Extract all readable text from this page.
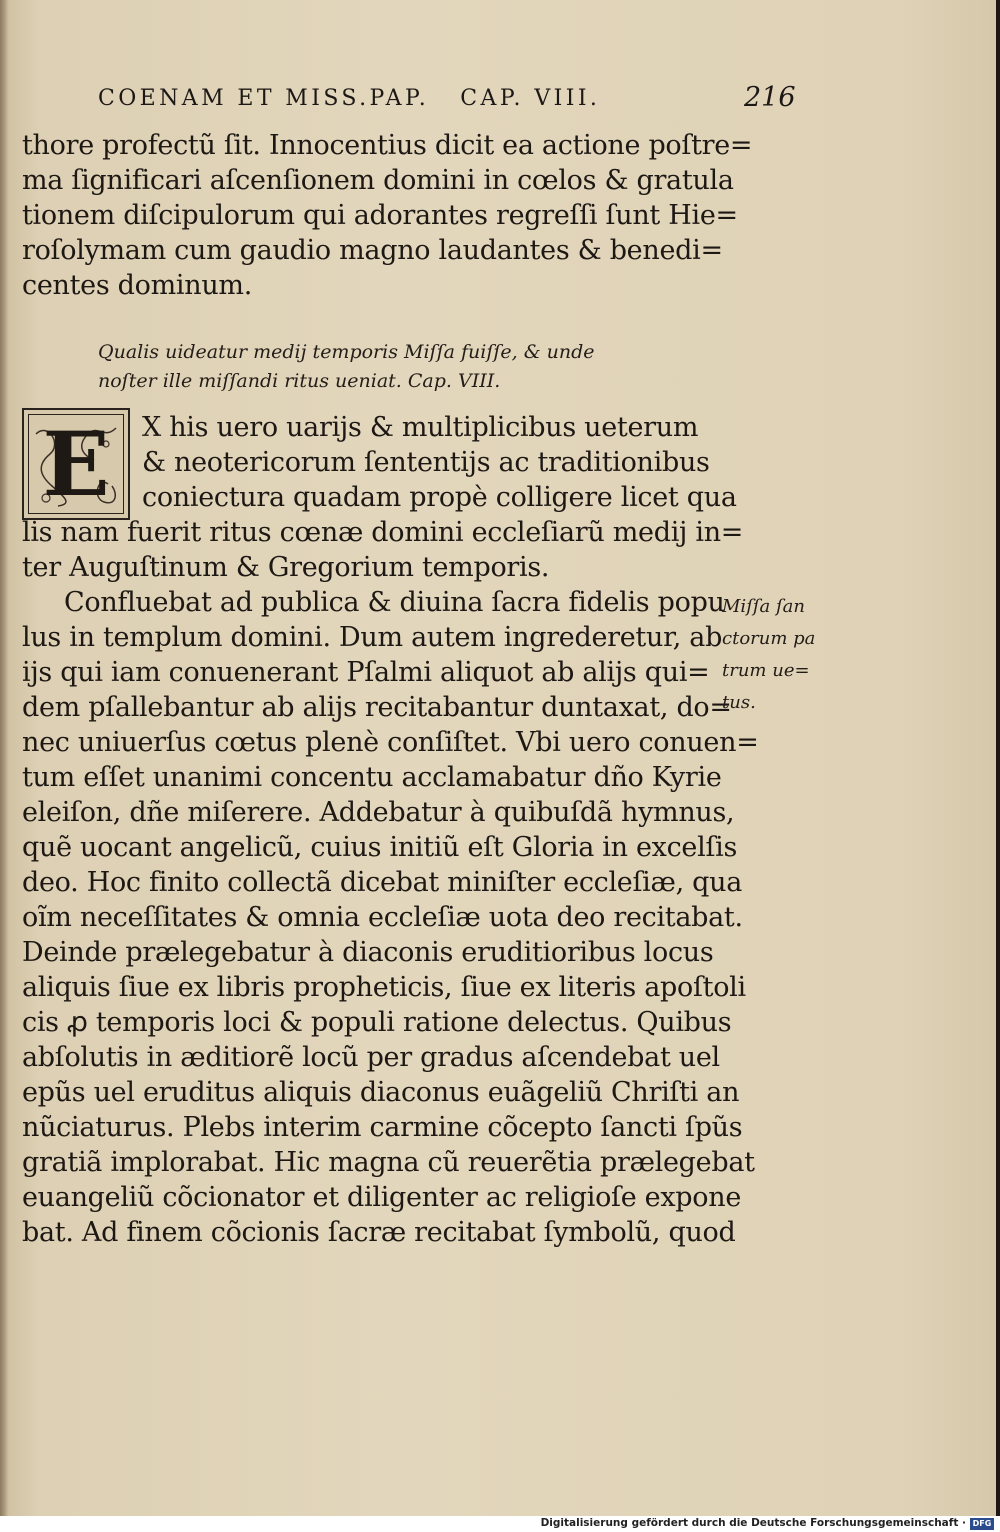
COENAM ET MISS.PAP. CAP. VIII.	216
thore profectũ ſit. Innocentius dicit ea actione poſtre=
ma ſignificari aſcenſionem domini in cœlos & gratula
tionem diſcipulorum qui adorantes regreſſi ſunt Hie=
roſolymam cum gaudio magno laudantes & benedi=
centes dominum.
Qualis uideatur medij temporis Miſſa fuiſſe, & unde
noſter ille miſſandi ritus ueniat. Cap. VIII.
E	X his uero uarijs & multiplicibus ueterum
& neotericorum ſententijs ac traditionibus
coniectura quadam propè colligere licet qua
lis nam fuerit ritus cœnæ domini eccleſiarũ medij in=
ter Auguſtinum & Gregorium temporis.
Confluebat ad publica & diuina ſacra fidelis popu
lus in templum domini. Dum autem ingrederetur, ab
ijs qui iam conuenerant Pſalmi aliquot ab alijs qui=
dem pſallebantur ab alijs recitabantur duntaxat, do=
nec uniuerſus cœtus plenè conſiſtet. Vbi uero conuen=
tum eſſet unanimi concentu acclamabatur dño Kyrie
eleiſon, dñe miſerere. Addebatur à quibuſdã hymnus,
quẽ uocant angelicũ, cuius initiũ eſt Gloria in excelſis
deo. Hoc finito collectã dicebat miniſter eccleſiæ, qua
oĩm neceſſitates & omnia eccleſiæ uota deo recitabat.
Deinde prælegebatur à diaconis eruditioribus locus
aliquis ſiue ex libris propheticis, ſiue ex literis apoſtoli
cis ꝓ temporis loci & populi ratione delectus. Quibus
abſolutis in æditiorẽ locũ per gradus aſcendebat uel
epũs uel eruditus aliquis diaconus euãgeliũ Chriſti an
nũciaturus. Plebs interim carmine cõcepto ſancti ſpũs
gratiã implorabat. Hic magna cũ reuerẽtia prælegebat
euangeliũ cõcionator et diligenter ac religioſe expone
bat. Ad finem cõcionis ſacræ recitabat ſymbolũ, quod
Miſſa ſan
ctorum pa
trum ue=
tus.
Digitalisierung gefördert durch die Deutsche Forschungsgemeinschaft · DFG
